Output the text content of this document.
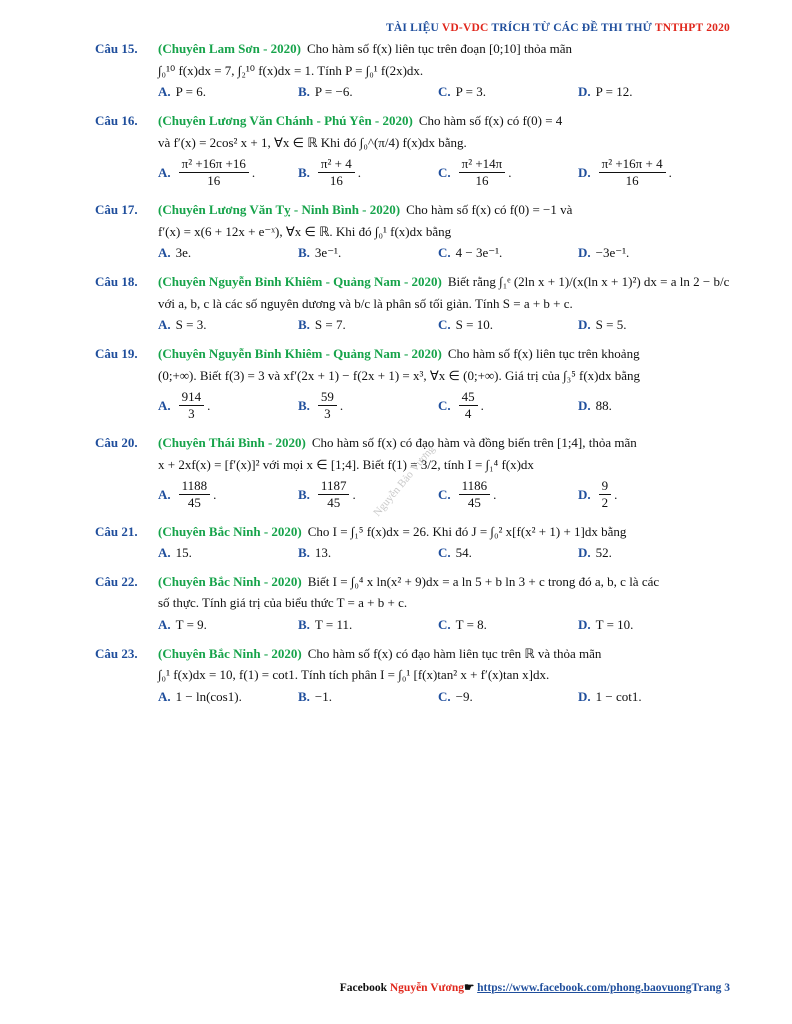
TÀI LIỆU VD-VDC TRÍCH TỪ CÁC ĐỀ THI THỬ TNTHPT 2020
Nguyễn Bảo Vương
Câu 15.	(Chuyên Lam Sơn - 2020) Cho hàm số f(x) liên tục trên đoạn [0;10] thỏa mãn
∫₀¹⁰ f(x)dx = 7, ∫₂¹⁰ f(x)dx = 1. Tính P = ∫₀¹ f(2x)dx.
A. P = 6.	B. P = −6.	C. P = 3.	D. P = 12.
Câu 16.	(Chuyên Lương Văn Chánh - Phú Yên - 2020) Cho hàm số f(x) có f(0) = 4
và f′(x) = 2cos² x + 1, ∀x ∈ ℝ Khi đó ∫₀^(π/4) f(x)dx bằng.
A. $\frac{\text{π² +16π +16}}{16}$ .	B. $\frac{\text{π² + 4}}{16}$ .	C. $\frac{\text{π² +14π}}{16}$ .	D. $\frac{\text{π² +16π + 4}}{16}$ .
Câu 17.	(Chuyên Lương Văn Tỵ - Ninh Bình - 2020) Cho hàm số f(x) có f(0) = −1 và
f′(x) = x(6 + 12x + e⁻ˣ), ∀x ∈ ℝ. Khi đó ∫₀¹ f(x)dx bằng
A. 3e.	B. 3e⁻¹.	C. 4 − 3e⁻¹.	D. −3e⁻¹.
Câu 18.	(Chuyên Nguyễn Bỉnh Khiêm - Quảng Nam - 2020) Biết rằng ∫₁ᵉ (2ln x + 1)/(x(ln x + 1)²) dx = a ln 2 − b/c
với a, b, c là các số nguyên dương và b/c là phân số tối giản. Tính S = a + b + c.
A. S = 3.	B. S = 7.	C. S = 10.	D. S = 5.
Câu 19.	(Chuyên Nguyễn Bỉnh Khiêm - Quảng Nam - 2020) Cho hàm số f(x) liên tục trên khoảng
(0;+∞). Biết f(3) = 3 và xf′(2x + 1) − f(2x + 1) = x³, ∀x ∈ (0;+∞). Giá trị của ∫₃⁵ f(x)dx bằng
A. $\frac{914}{3}$ .	B. $\frac{59}{3}$ .	C. $\frac{45}{4}$ .	D. 88.
Câu 20.	(Chuyên Thái Bình - 2020) Cho hàm số f(x) có đạo hàm và đồng biến trên [1;4], thỏa mãn
x + 2xf(x) = [f′(x)]² với mọi x ∈ [1;4]. Biết f(1) = 3/2, tính I = ∫₁⁴ f(x)dx
A. $\frac{1188}{45}$ .	B. $\frac{1187}{45}$ .	C. $\frac{1186}{45}$ .	D. $\frac{9}{2}$ .
Câu 21.	(Chuyên Bắc Ninh - 2020) Cho I = ∫₁⁵ f(x)dx = 26. Khi đó J = ∫₀² x[f(x² + 1) + 1]dx bằng
A. 15.	B. 13.	C. 54.	D. 52.
Câu 22.	(Chuyên Bắc Ninh - 2020) Biết I = ∫₀⁴ x ln(x² + 9)dx = a ln 5 + b ln 3 + c trong đó a, b, c là các
số thực. Tính giá trị của biểu thức T = a + b + c.
A. T = 9.	B. T = 11.	C. T = 8.	D. T = 10.
Câu 23.	(Chuyên Bắc Ninh - 2020) Cho hàm số f(x) có đạo hàm liên tục trên ℝ và thỏa mãn
∫₀¹ f(x)dx = 10, f(1) = cot1. Tính tích phân I = ∫₀¹ [f(x)tan² x + f′(x)tan x]dx.
A. 1 − ln(cos1).	B. −1.	C. −9.	D. 1 − cot1.
Facebook Nguyễn Vương☛ https://www.facebook.com/phong.baovuongTrang 3
